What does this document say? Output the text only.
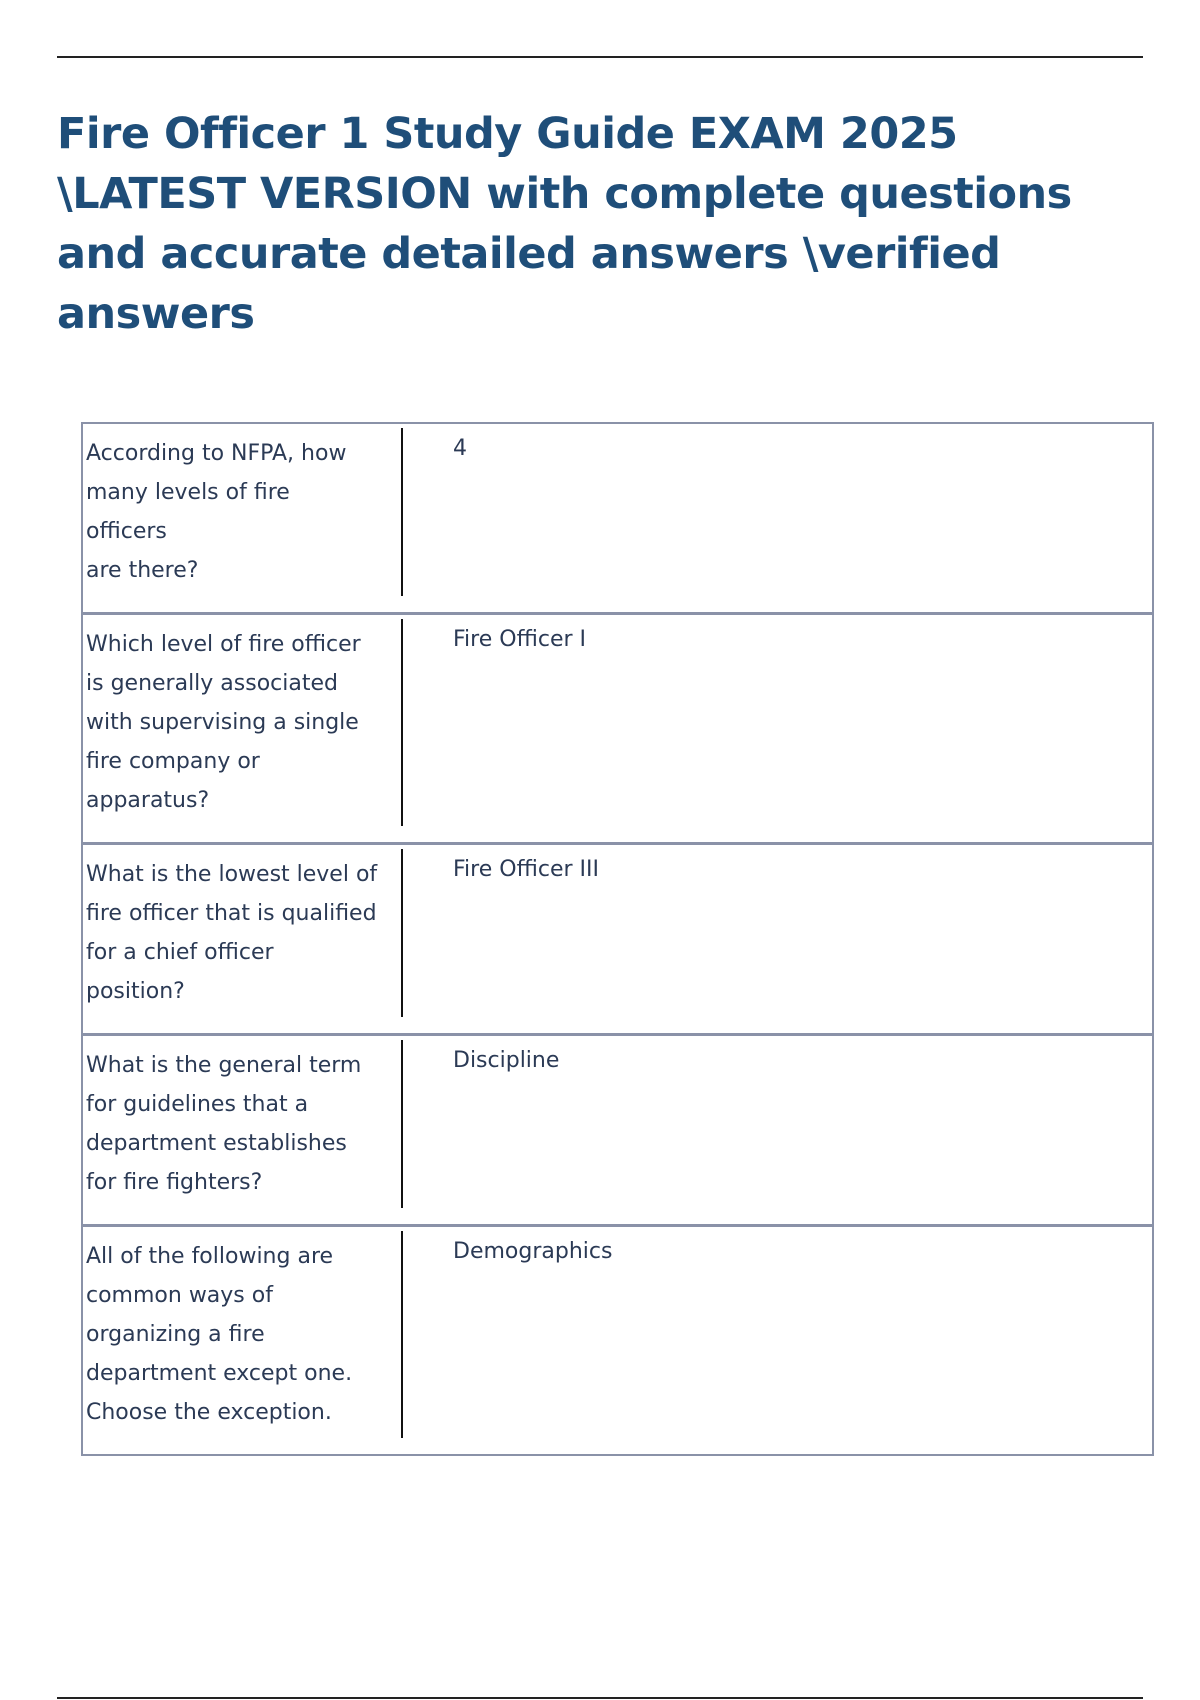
Fire Officer 1 Study Guide EXAM 2025 \LATEST VERSION with complete questions and accurate detailed answers \verified answers
According to NFPA, how
many levels of fire
officers
are there?	4

Which level of fire officer
is generally associated
with supervising a single
fire company or
apparatus?	Fire Officer I

What is the lowest level of
fire officer that is qualified
for a chief officer
position?	Fire Officer III

What is the general term
for guidelines that a
department establishes
for fire fighters?	Discipline

All of the following are
common ways of
organizing a fire
department except one.
Choose the exception.	Demographics
